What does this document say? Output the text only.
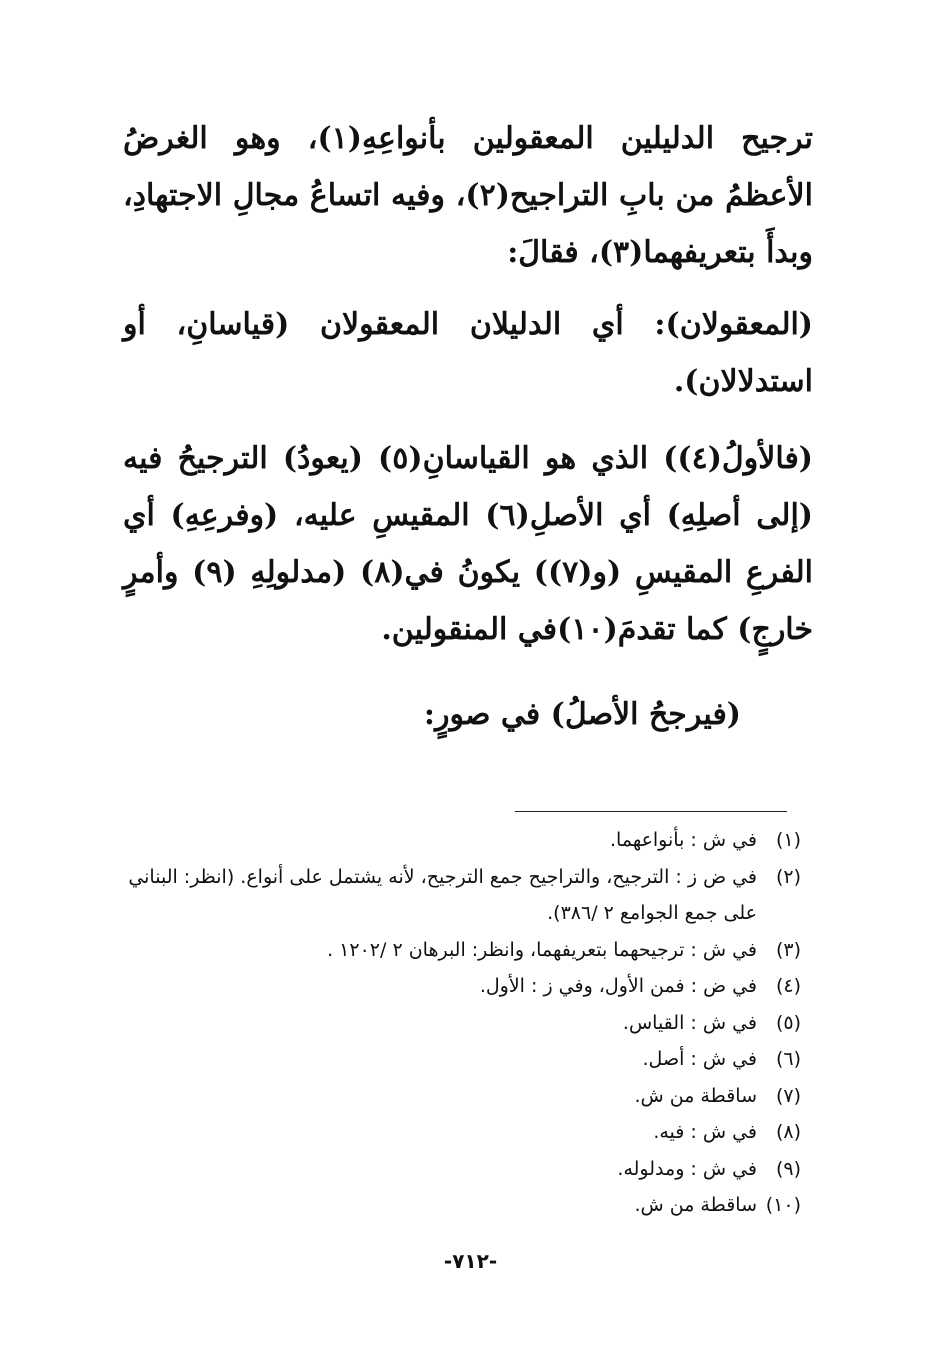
ترجيح الدليلين المعقولين بأنواعِهِ(١)، وهو الغرضُ الأعظمُ من بابِ التراجيح(٢)، وفيه اتساعُ مجالِ الاجتهادِ، وبدأَ بتعريفهما(٣)، فقالَ:

(المعقولان): أي الدليلان المعقولان (قياسانِ، أو استدلالان).

(فالأولُ(٤)) الذي هو القياسانِ(٥) (يعودُ) الترجيحُ فيه (إلى أصلِهِ) أي الأصلِ(٦) المقيسِ عليه، (وفرعِهِ) أي الفرعِ المقيسِ (و(٧)) يكونُ في(٨) (مدلولِهِ (٩) وأمرٍ خارجٍ) كما تقدمَ(١٠)في المنقولين.

(فيرجحُ الأصلُ) في صورٍ:

(١)
في ش : بأنواعهما.
(٢)
في ض ز : الترجيح، والتراجيح جمع الترجيح، لأنه يشتمل على أنواع. (انظر: البناني على جمع الجوامع ٢ /٣٨٦).
(٣)
في ش : ترجيحهما بتعريفهما، وانظر: البرهان ٢ /١٢٠٢ .
(٤)
في ض : فمن الأول، وفي ز : الأول.
(٥)
في ش : القياس.
(٦)
في ش : أصل.
(٧)
ساقطة من ش.
(٨)
في ش : فيه.
(٩)
في ش : ومدلوله.
(١٠)
ساقطة من ش.
-٧١٢-
